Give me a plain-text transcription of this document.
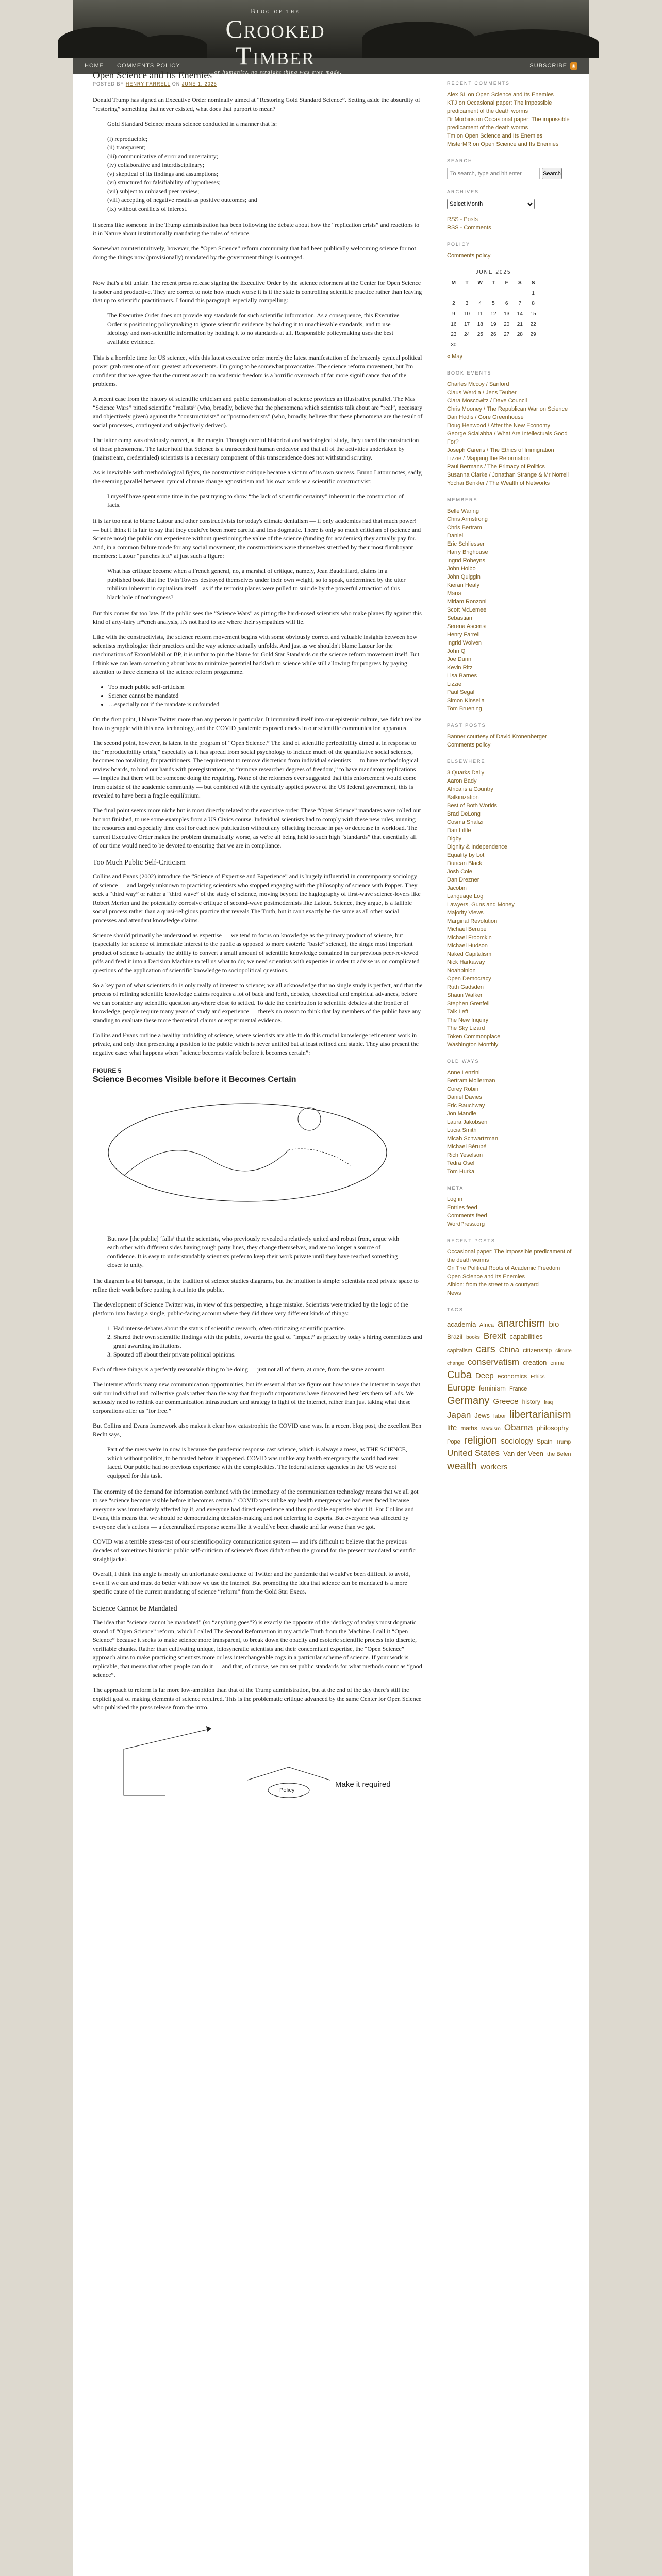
Blog of the
Crooked Timber
…or humanity, no straight thing was ever made.
HOME COMMENTS POLICY	SUBSCRIBE ◉
Open Science and Its Enemies
POSTED BY HENRY FARRELL ON JUNE 1, 2025

Donald Trump has signed an Executive Order nominally aimed at “Restoring Gold Standard Science”. Setting aside the absurdity of “restoring” something that never existed, what does that purport to mean?

Gold Standard Science means science conducted in a manner that is:

(i) reproducible;
(ii) transparent;
(iii) communicative of error and uncertainty;
(iv) collaborative and interdisciplinary;
(v) skeptical of its findings and assumptions;
(vi) structured for falsifiability of hypotheses;
(vii) subject to unbiased peer review;
(viii) accepting of negative results as positive outcomes; and
(ix) without conflicts of interest.

It seems like someone in the Trump administration has been following the debate about how the “replication crisis” and reactions to it in Nature about institutionally mandating the rules of science.

Somewhat counterintuitively, however, the “Open Science” reform community that had been publically welcoming science for not doing the things now (provisionally) mandated by the government things is outraged.

Now that's a bit unfair. The recent press release signing the Executive Order by the science reformers at the Center for Open Science is sober and productive. They are correct to note how much worse it is if the state is controlling scientific practice rather than leaving that up to scientific practitioners. I found this paragraph especially compelling:

The Executive Order does not provide any standards for such scientific information. As a consequence, this Executive Order is positioning policymaking to ignore scientific evidence by holding it to unachievable standards, and to use ideology and non-scientific information by holding it to no standards at all. Responsible policymaking uses the best available evidence.

This is a horrible time for US science, with this latest executive order merely the latest manifestation of the brazenly cynical political power grab over one of our greatest achievements. I'm going to be somewhat provocative. The science reform movement, but I'm confident that we agree that the current assault on academic freedom is a horrific overreach of far more significance that of the problems.

A recent case from the history of scientific criticism and public demonstration of science provides an illustrative parallel. The Mas “Science Wars” pitted scientific “realists” (who, broadly, believe that the phenomena which scientists talk about are “real”, necessary and objectively given) against the “constructivists” or “postmodernists” (who, broadly, believe that these phenomena are the result of social processes, contingent and subjectively derived).

The latter camp was obviously correct, at the margin. Through careful historical and sociological study, they traced the construction of those phenomena. The latter hold that Science is a transcendent human endeavor and that all of the activities undertaken by (mainstream, credentialed) scientists is a necessary component of this transcendence does not withstand scrutiny.

As is inevitable with methodological fights, the constructivist critique became a victim of its own success. Bruno Latour notes, sadly, the seeming parallel between cynical climate change agnosticism and his own work as a scientific constructivist:

I myself have spent some time in the past trying to show “the lack of scientific certainty” inherent in the construction of facts.

It is far too neat to blame Latour and other constructivists for today's climate denialism — if only academics had that much power! — but I think it is fair to say that they could've been more careful and less dogmatic. There is only so much criticism of (science and Science now) the public can experience without questioning the value of the science (funding for academics) they actually pay for. And, in a common failure mode for any social movement, the constructivists were themselves stretched by their most flamboyant members: Latour “punches left” at just such a figure:

What has critique become when a French general, no, a marshal of critique, namely, Jean Baudrillard, claims in a published book that the Twin Towers destroyed themselves under their own weight, so to speak, undermined by the utter nihilism inherent in capitalism itself—as if the terrorist planes were pulled to suicide by the powerful attraction of this black hole of nothingness?

But this comes far too late. If the public sees the “Science Wars” as pitting the hard-nosed scientists who make planes fly against this kind of arty-fairy fr*ench analysis, it's not hard to see where their sympathies will lie.

Like with the constructivists, the science reform movement begins with some obviously correct and valuable insights between how scientists mythologize their practices and the way science actually unfolds. And just as we shouldn't blame Latour for the machinations of ExxonMobil or BP, it is unfair to pin the blame for Gold Star Standards on the science reform movement itself. But I think we can learn something about how to minimize potential backlash to science while still allowing for progress by paying attention to three elements of the science reform programme.

• Too much public self-criticism
• Science cannot be mandated
• …especially not if the mandate is unfounded

On the first point, I blame Twitter more than any person in particular. It immunized itself into our epistemic culture, we didn't realize how to grapple with this new technology, and the COVID pandemic exposed cracks in our scientific communication apparatus.

The second point, however, is latent in the program of “Open Science.” The kind of scientific perfectibility aimed at in response to the “reproducibility crisis,” especially as it has spread from social psychology to include much of the quantitative social sciences, becomes too totalizing for practitioners. The requirement to remove discretion from individual scientists — to have methodological review boards, to bind our hands with preregistrations, to “remove researcher degrees of freedom,” to have mandatory replications — implies that there will be someone doing the requiring. None of the reformers ever suggested that this enforcement would come from outside of the academic community — but combined with the cynically applied power of the US federal government, this is revealed to have been a fragile equilibrium.

The final point seems more niche but is most directly related to the executive order. These “Open Science” mandates were rolled out but not finished, to use some examples from a US Civics course. Individual scientists had to comply with these new rules, running the resources and especially time cost for each new publication without any offsetting increase in pay or decrease in workload. The current Executive Order makes the problem dramatically worse, as we're all being held to such high “standards” that essentially all of our time would need to be devoted to ensuring that we are in compliance.

Too Much Public Self-Criticism

Collins and Evans (2002) introduce the “Science of Expertise and Experience” and is hugely influential in contemporary sociology of science — and largely unknown to practicing scientists who stopped engaging with the philosophy of science with Popper. They seek a “third way” or rather a “third wave” of the study of science, moving beyond the hagiography of first-wave science-lovers like Robert Merton and the potentially corrosive critique of second-wave postmodernists like Latour. Science, they argue, is a fallible social process rather than a quasi-religious practice that reveals The Truth, but it can't exactly be the same as all other social processes and attendant knowledge claims.

Science should primarily be understood as expertise — we tend to focus on knowledge as the primary product of science, but (especially for science of immediate interest to the public as opposed to more esoteric “basic” science), the single most important product of science is actually the ability to convert a small amount of scientific knowledge contained in our previous peer-reviewed pdfs and feed it into a Decision Machine to tell us what to do; we need scientists with expertise in order to advise us on complicated questions of the application of scientific knowledge to sociopolitical questions.

So a key part of what scientists do is only really of interest to science; we all acknowledge that no single study is perfect, and that the process of refining scientific knowledge claims requires a lot of back and forth, debates, theoretical and empirical advances, before we can consider any scientific question anywhere close to settled. To date the contribution to scientific debates at the frontier of knowledge, people require many years of study and experience — there's no reason to think that lay members of the public have any standing to evaluate these more theoretical claims or experimental evidence.

Collins and Evans outline a healthy unfolding of science, where scientists are able to do this crucial knowledge refinement work in private, and only then presenting a position to the public which is never unified but at least refined and stable. They also present the negative case: what happens when “science becomes visible before it becomes certain”:

FIGURE 5
Science Becomes Visible before it Becomes Certain

But now [the public] ‘falls’ that the scientists, who previously revealed a relatively united and robust front, argue with each other with different sides having rough party lines, they change themselves, and are no longer a source of confidence. It is easy to understandably scientists prefer to keep their work private until they have reached something closer to unity.

The diagram is a bit baroque, in the tradition of science studies diagrams, but the intuition is simple: scientists need private space to refine their work before putting it out into the public.

The development of Science Twitter was, in view of this perspective, a huge mistake. Scientists were tricked by the logic of the platform into having a single, public-facing account where they did three very different kinds of things:

1. Had intense debates about the status of scientific research, often criticizing scientific practice.
2. Shared their own scientific findings with the public, towards the goal of “impact” as prized by today's hiring committees and grant awarding institutions.
3. Spouted off about their private political opinions.

Each of these things is a perfectly reasonable thing to be doing — just not all of them, at once, from the same account.

The internet affords many new communication opportunities, but it's essential that we figure out how to use the internet in ways that suit our individual and collective goals rather than the way that for-profit corporations have discovered best lets them sell ads. We seriously need to rethink our communication infrastructure and strategy in light of the internet, rather than just taking what these corporations offer us “for free.”

But Collins and Evans framework also makes it clear how catastrophic the COVID case was. In a recent blog post, the excellent Ben Recht says,

Part of the mess we're in now is because the pandemic response cast science, which is always a mess, as THE SCIENCE, which without politics, to be trusted before it happened. COVID was unlike any health emergency the world had ever faced. Our public had no previous experience with the complexities. The federal science agencies in the US were not equipped for this task.

The enormity of the demand for information combined with the immediacy of the communication technology means that we all got to see “science become visible before it becomes certain.” COVID was unlike any health emergency we had ever faced because everyone was immediately affected by it, and everyone had direct experience and thus possible expertise about it. For Collins and Evans, this means that we should be democratizing decision-making and not deferring to experts. But everyone was affected by everyone else's actions — a decentralized response seems like it would've been chaotic and far worse than we got.

COVID was a terrible stress-test of our scientific-policy communication system — and it's difficult to believe that the previous decades of sometimes histrionic public self-criticism of science's flaws didn't soften the ground for the present mandated scientific straightjacket.

Overall, I think this angle is mostly an unfortunate confluence of Twitter and the pandemic that would've been difficult to avoid, even if we can and must do better with how we use the internet. But promoting the idea that science can be mandated is a more specific cause of the current mandating of science “reform” from the Gold Star Execs.

Science Cannot be Mandated

The idea that “science cannot be mandated” (so “anything goes”?) is exactly the opposite of the ideology of today's most dogmatic strand of “Open Science” reform, which I called The Second Reformation in my article Truth from the Machine. I call it “Open Science” because it seeks to make science more transparent, to break down the opacity and esoteric scientific process into discrete, verifiable chunks. Rather than cultivating unique, idiosyncratic scientists and their concomitant expertise, the “Open Science” approach aims to make practicing scientists more or less interchangeable cogs in a particular scheme of science. If your work is replicable, that means that other people can do it — and that, of course, we can set public standards for what methods count as “good science”.

The approach to reform is far more low-ambition than that of the Trump administration, but at the end of the day there's still the explicit goal of making elements of science required. This is the problematic critique advanced by the same Center for Open Science who published the press release from the intro.

Make it required
Policy
RECENT COMMENTS
Alex SL on Open Science and Its Enemies
KTJ on Occasional paper: The impossible predicament of the death worms
Dr Morbius on Occasional paper: The impossible predicament of the death worms
Tm on Open Science and Its Enemies
MisterMR on Open Science and Its Enemies
SEARCH
To search, type and hit enter
Search
ARCHIVES
Select Month
RSS - Posts
RSS - Comments
POLICY
Comments policy
JUNE 2025
M	T	W	T	F	S	S
						1
2	3	4	5	6	7	8
9	10	11	12	13	14	15
16	17	18	19	20	21	22
23	24	25	26	27	28	29
30						
« May
BOOK EVENTS
Charles Mccoy / Sanford
Claus Werdla / Jens Teuber
Clara Moscowitz / Dave Council
Chris Mooney / The Republican War on Science
Dan Hodis / Gore Greenhouse
Doug Henwood / After the New Economy
George Scialabba / What Are Intellectuals Good For?
Joseph Carens / The Ethics of Immigration
Lizzie / Mapping the Reformation
Paul Bermans / The Primacy of Politics
Susanna Clarke / Jonathan Strange & Mr Norrell
Yochai Benkler / The Wealth of Networks
MEMBERS
Belle Waring
Chris Armstrong
Chris Bertram
Daniel
Eric Schliesser
Harry Brighouse
Ingrid Robeyns
John Holbo
John Quiggin
Kieran Healy
Maria
Miriam Ronzoni
Scott McLemee
Sebastian
Serena Ascensi
Henry Farrell
Ingrid Wolven
John Q
Joe Dunn
Kevin Ritz
Lisa Barnes
Lizzie
Paul Segal
Simon Kinsella
Tom Bruening
PAST POSTS
Banner courtesy of David Kronenberger
Comments policy
ELSEWHERE
3 Quarks Daily
Aaron Bady
Africa is a Country
Balkinization
Best of Both Worlds
Brad DeLong
Cosma Shalizi
Dan Little
Digby
Dignity & Independence
Equality by Lot
Duncan Black
Josh Cole
Dan Drezner
Jacobin
Language Log
Lawyers, Guns and Money
Majority Views
Marginal Revolution
Michael Berube
Michael Froomkin
Michael Hudson
Naked Capitalism
Nick Harkaway
Noahpinion
Open Democracy
Ruth Gadsden
Shaun Walker
Stephen Grenfell
Talk Left
The New Inquiry
The Sky Lizard
Token Commonplace
Washington Monthly
OLD WAYS
Anne Lenzini
Bertram Mollerman
Corey Robin
Daniel Davies
Eric Rauchway
Jon Mandle
Laura Jakobsen
Lucia Smith
Micah Schwartzman
Michael Bérubé
Rich Yeselson
Tedra Osell
Tom Hurka
META
Log in
Entries feed
Comments feed
WordPress.org
RECENT POSTS
Occasional paper: The impossible predicament of the death worms
On The Political Roots of Academic Freedom
Open Science and Its Enemies
Albion: from the street to a courtyard
News
TAGS
academia Africa anarchism bio Brazil books Brexit capabilities capitalism cars China citizenship climate change conservatism creation crime Cuba Deep economics Ethics Europe feminism France Germany Greece history Iraq Japan Jews labor libertarianism life maths Marxism Obama philosophy Pope religion sociology Spain Trump United States Van der Veen the Belen wealth workers
